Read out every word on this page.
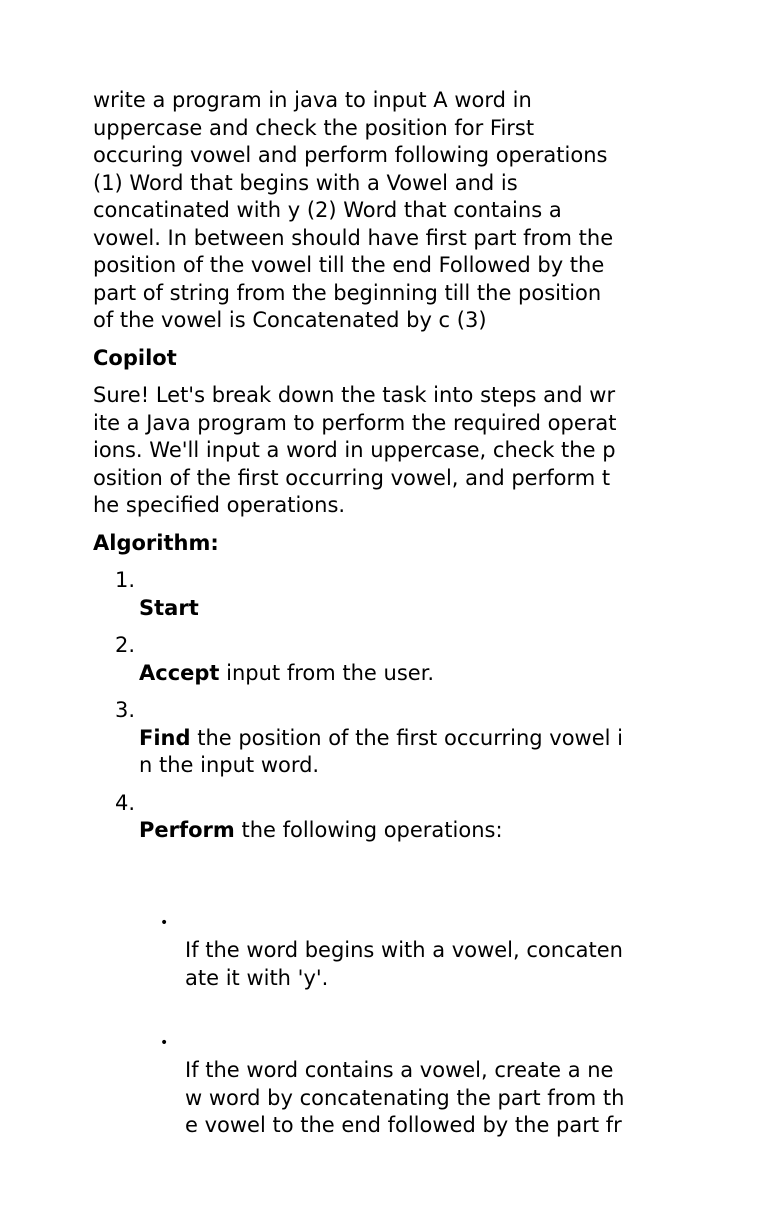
write a program in java to input A word in
uppercase and check the position for First
occuring vowel and perform following operations
(1) Word that begins with a Vowel and is
concatinated with y (2) Word that contains a
vowel. In between should have first part from the
position of the vowel till the end Followed by the
part of string from the beginning till the position
of the vowel is Concatenated by c (3)

Copilot

Sure! Let's break down the task into steps and wr
ite a Java program to perform the required operat
ions. We'll input a word in uppercase, check the p
osition of the first occurring vowel, and perform t
he specified operations.

Algorithm:

1.
Start

2.
Accept input from the user.

3.
Find the position of the first occurring vowel i
n the input word.

4.
Perform the following operations:

•
If the word begins with a vowel, concaten
ate it with 'y'.

•
If the word contains a vowel, create a ne
w word by concatenating the part from th
e vowel to the end followed by the part fr
